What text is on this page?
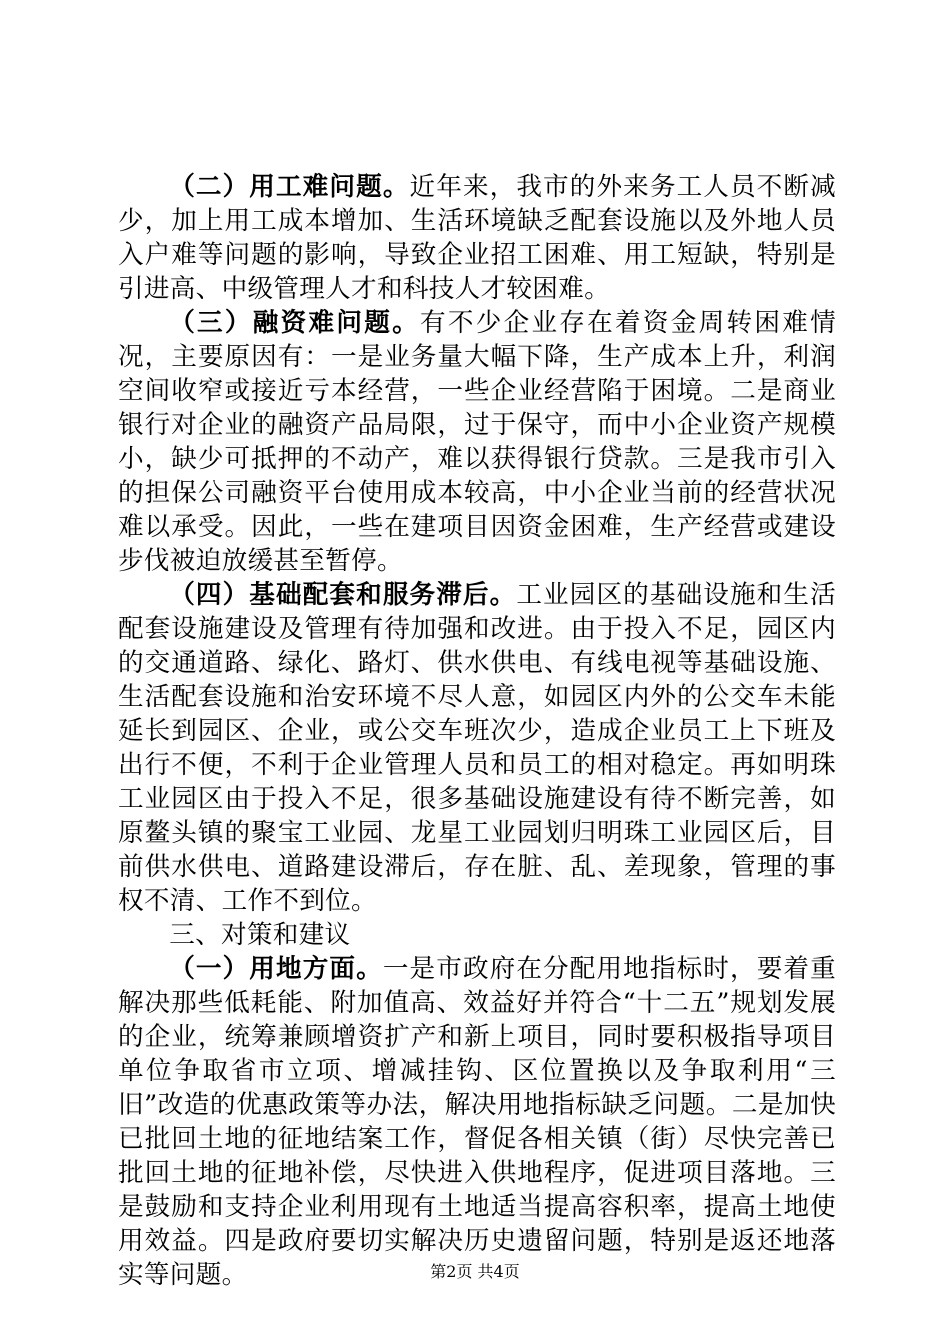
（二）用工难问题。近年来，我市的外来务工人员不断减少，加上用工成本增加、生活环境缺乏配套设施以及外地人员入户难等问题的影响，导致企业招工困难、用工短缺，特别是引进高、中级管理人才和科技人才较困难。

（三）融资难问题。有不少企业存在着资金周转困难情况，主要原因有：一是业务量大幅下降，生产成本上升，利润空间收窄或接近亏本经营，一些企业经营陷于困境。二是商业银行对企业的融资产品局限，过于保守，而中小企业资产规模小，缺少可抵押的不动产，难以获得银行贷款。三是我市引入的担保公司融资平台使用成本较高，中小企业当前的经营状况难以承受。因此，一些在建项目因资金困难，生产经营或建设步伐被迫放缓甚至暂停。

（四）基础配套和服务滞后。工业园区的基础设施和生活配套设施建设及管理有待加强和改进。由于投入不足，园区内的交通道路、绿化、路灯、供水供电、有线电视等基础设施、生活配套设施和治安环境不尽人意，如园区内外的公交车未能延长到园区、企业，或公交车班次少，造成企业员工上下班及出行不便，不利于企业管理人员和员工的相对稳定。再如明珠工业园区由于投入不足，很多基础设施建设有待不断完善，如原鳌头镇的聚宝工业园、龙星工业园划归明珠工业园区后，目前供水供电、道路建设滞后，存在脏、乱、差现象，管理的事权不清、工作不到位。

三、对策和建议

（一）用地方面。一是市政府在分配用地指标时，要着重解决那些低耗能、附加值高、效益好并符合“十二五”规划发展的企业，统筹兼顾增资扩产和新上项目，同时要积极指导项目单位争取省市立项、增减挂钩、区位置换以及争取利用“三旧”改造的优惠政策等办法，解决用地指标缺乏问题。二是加快已批回土地的征地结案工作，督促各相关镇（街）尽快完善已批回土地的征地补偿，尽快进入供地程序，促进项目落地。三是鼓励和支持企业利用现有土地适当提高容积率，提高土地使用效益。四是政府要切实解决历史遗留问题，特别是返还地落实等问题。	第2页 共4页
